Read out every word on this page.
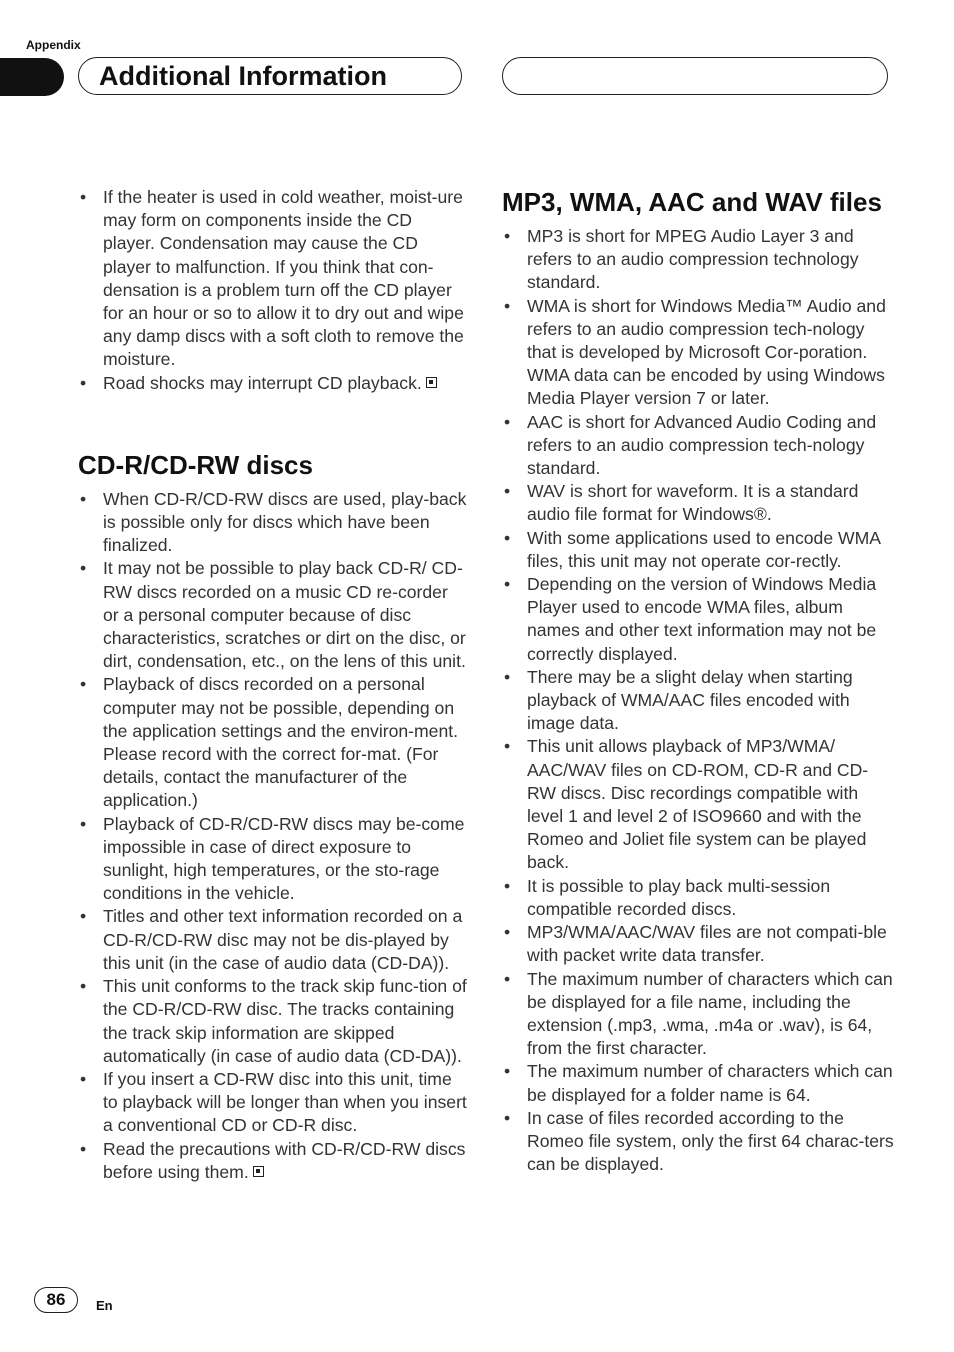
Appendix
Additional Information
• If the heater is used in cold weather, moist-ure may form on components inside the CD player. Condensation may cause the CD player to malfunction. If you think that con-densation is a problem turn off the CD player for an hour or so to allow it to dry out and wipe any damp discs with a soft cloth to remove the moisture.
• Road shocks may interrupt CD playback.
CD-R/CD-RW discs
• When CD-R/CD-RW discs are used, play-back is possible only for discs which have been finalized.
• It may not be possible to play back CD-R/ CD-RW discs recorded on a music CD re-corder or a personal computer because of disc characteristics, scratches or dirt on the disc, or dirt, condensation, etc., on the lens of this unit.
• Playback of discs recorded on a personal computer may not be possible, depending on the application settings and the environ-ment. Please record with the correct for-mat. (For details, contact the manufacturer of the application.)
• Playback of CD-R/CD-RW discs may be-come impossible in case of direct exposure to sunlight, high temperatures, or the sto-rage conditions in the vehicle.
• Titles and other text information recorded on a CD-R/CD-RW disc may not be dis-played by this unit (in the case of audio data (CD-DA)).
• This unit conforms to the track skip func-tion of the CD-R/CD-RW disc. The tracks containing the track skip information are skipped automatically (in case of audio data (CD-DA)).
• If you insert a CD-RW disc into this unit, time to playback will be longer than when you insert a conventional CD or CD-R disc.
• Read the precautions with CD-R/CD-RW discs before using them.
MP3, WMA, AAC and WAV files
• MP3 is short for MPEG Audio Layer 3 and refers to an audio compression technology standard.
• WMA is short for Windows Media™ Audio and refers to an audio compression tech-nology that is developed by Microsoft Cor-poration. WMA data can be encoded by using Windows Media Player version 7 or later.
• AAC is short for Advanced Audio Coding and refers to an audio compression tech-nology standard.
• WAV is short for waveform. It is a standard audio file format for Windows®.
• With some applications used to encode WMA files, this unit may not operate cor-rectly.
• Depending on the version of Windows Media Player used to encode WMA files, album names and other text information may not be correctly displayed.
• There may be a slight delay when starting playback of WMA/AAC files encoded with image data.
• This unit allows playback of MP3/WMA/ AAC/WAV files on CD-ROM, CD-R and CD-RW discs. Disc recordings compatible with level 1 and level 2 of ISO9660 and with the Romeo and Joliet file system can be played back.
• It is possible to play back multi-session compatible recorded discs.
• MP3/WMA/AAC/WAV files are not compati-ble with packet write data transfer.
• The maximum number of characters which can be displayed for a file name, including the extension (.mp3, .wma, .m4a or .wav), is 64, from the first character.
• The maximum number of characters which can be displayed for a folder name is 64.
• In case of files recorded according to the Romeo file system, only the first 64 charac-ters can be displayed.
86	En
